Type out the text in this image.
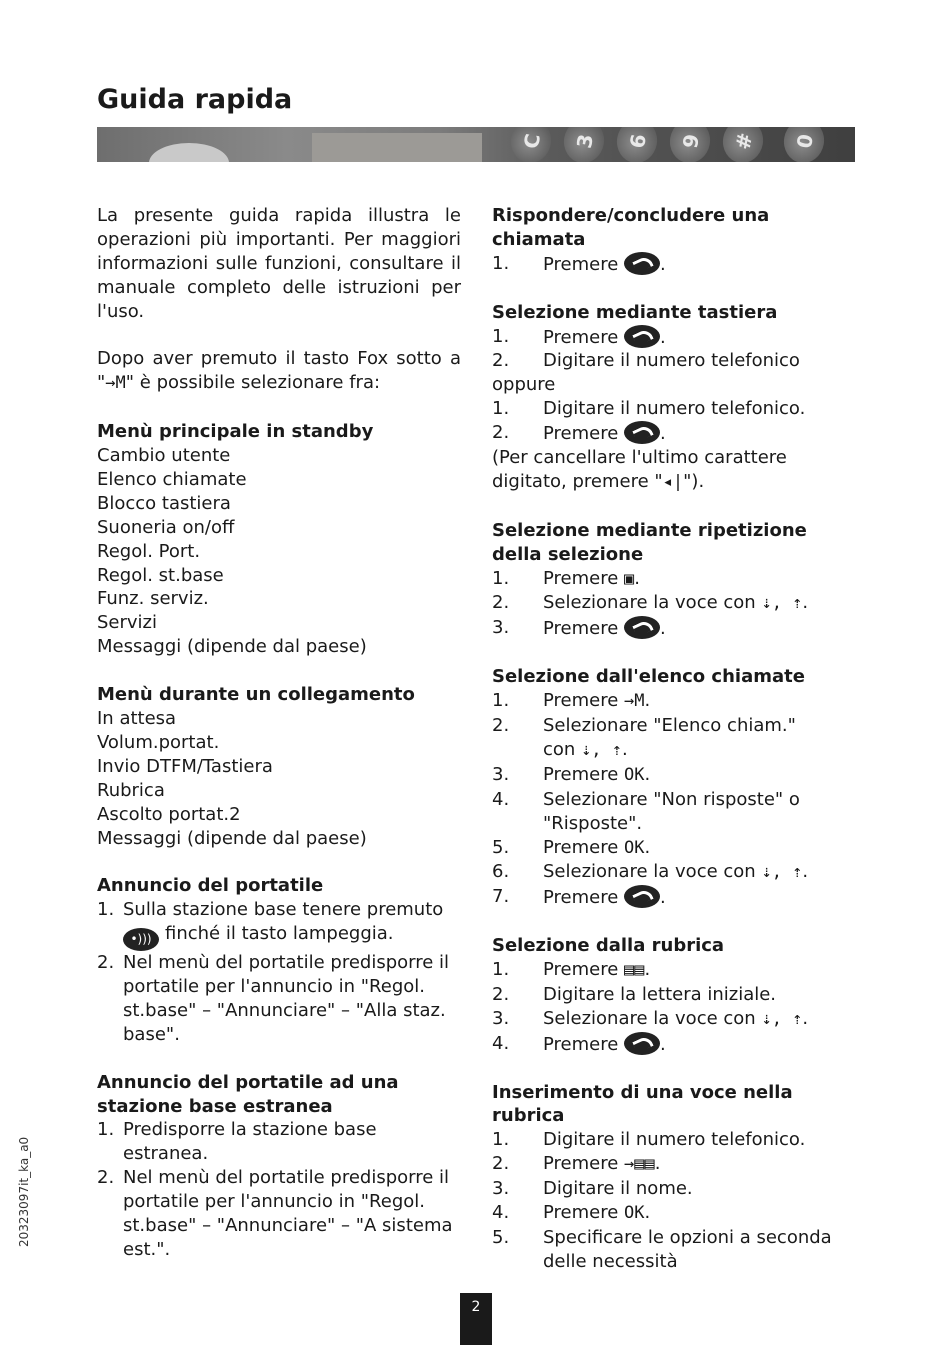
Guida rapida
C	3	6	9	#	0

La presente guida rapida illustra le operazioni più importanti. Per maggiori informazioni sulle funzioni, consultare il manuale completo delle istruzioni per l'uso.

Dopo aver premuto il tasto Fox sotto a "→M" è possibile selezionare fra:

Menù principale in standby

Cambio utente

Elenco chiamate

Blocco tastiera

Suoneria on/off

Regol. Port.

Regol. st.base

Funz. serviz.

Servizi

Messaggi (dipende dal paese)

Menù durante un collegamento

In attesa

Volum.portat.

Invio DTFM/Tastiera

Rubrica

Ascolto portat.2

Messaggi (dipende dal paese)

Annuncio del portatile

1. Sulla stazione base tenere premuto

•))) finché il tasto lampeggia.

2. Nel menù del portatile predisporre il portatile per l'annuncio in "Regol. st.base" – "Annunciare" – "Alla staz. base".

Annuncio del portatile ad una stazione base estranea

1. Predisporre la stazione base estranea.
2. Nel menù del portatile predisporre il portatile per l'annuncio in "Regol. st.base" – "Annunciare" – "A sistema est.".

Rispondere/concludere una chiamata

1.	Premere .

Selezione mediante tastiera

1.	Premere .
2.	Digitare il numero telefonico

oppure

1.	Digitare il numero telefonico.
2.	Premere .

(Per cancellare l'ultimo carattere digitato, premere "◂|").

Selezione mediante ripetizione della selezione

1.	Premere ▣.
2.	Selezionare la voce con ⇣, ⇡.
3.	Premere .

Selezione dall'elenco chiamate

1.	Premere →M.
2.	Selezionare "Elenco chiam."
con ⇣, ⇡.
3.	Premere OK.
4.	Selezionare "Non risposte" o "Risposte".
5.	Premere OK.
6.	Selezionare la voce con ⇣, ⇡.
7.	Premere .

Selezione dalla rubrica

1.	Premere ▤▤.
2.	Digitare la lettera iniziale.
3.	Selezionare la voce con ⇣, ⇡.
4.	Premere .

Inserimento di una voce nella rubrica

1.	Digitare il numero telefonico.
2.	Premere →▤▤.
3.	Digitare il nome.
4.	Premere OK.
5.	Specificare le opzioni a seconda delle necessità
20323097it_ka_a0
2
